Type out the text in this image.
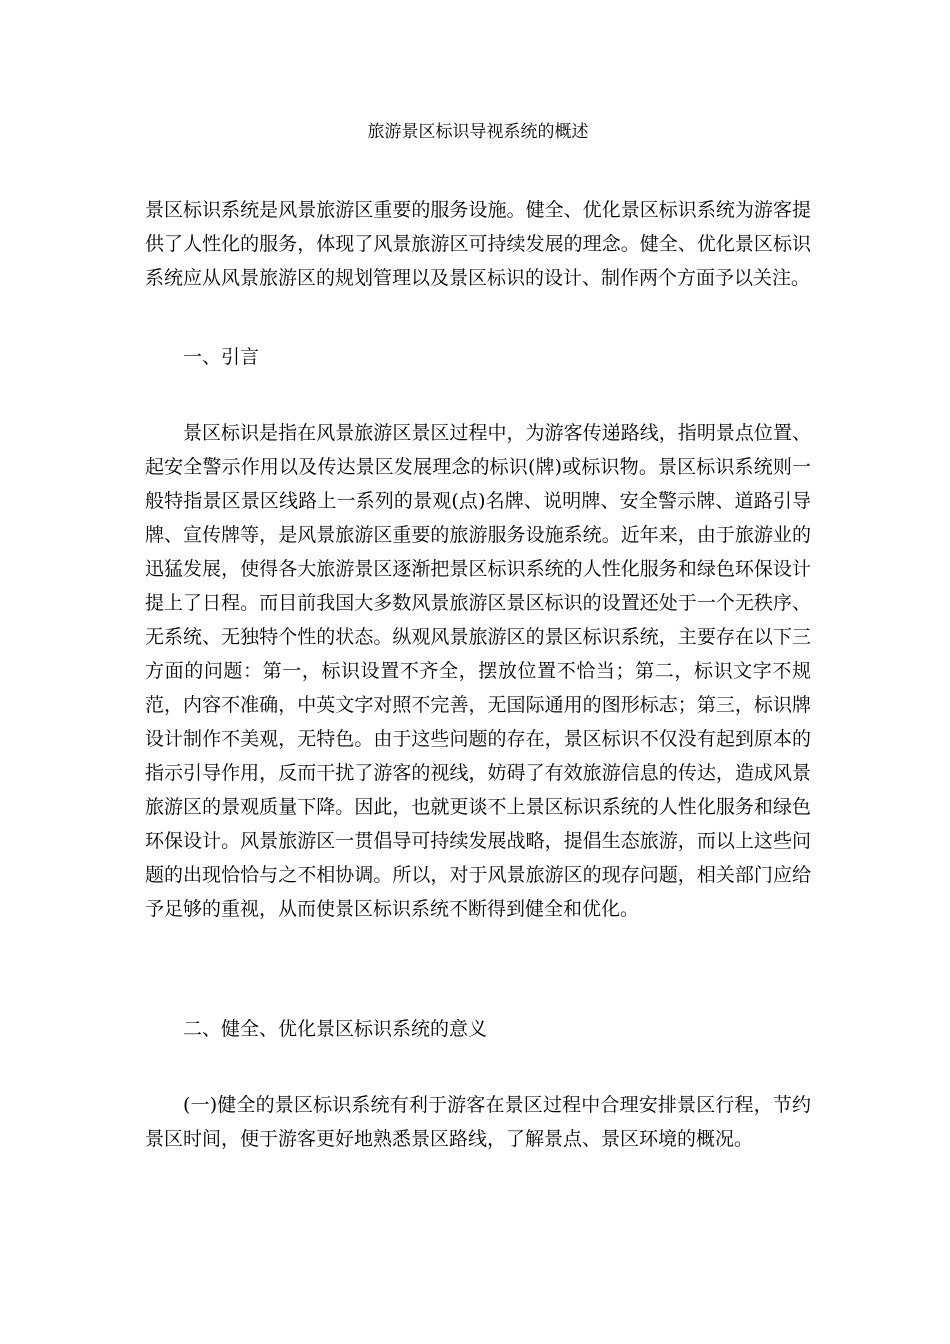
旅游景区标识导视系统的概述

景区标识系统是风景旅游区重要的服务设施。健全、优化景区标识系统为游客提供了人性化的服务，体现了风景旅游区可持续发展的理念。健全、优化景区标识系统应从风景旅游区的规划管理以及景区标识的设计、制作两个方面予以关注。

一、引言

景区标识是指在风景旅游区景区过程中，为游客传递路线，指明景点位置、起安全警示作用以及传达景区发展理念的标识(牌)或标识物。景区标识系统则一般特指景区景区线路上一系列的景观(点)名牌、说明牌、安全警示牌、道路引导牌、宣传牌等，是风景旅游区重要的旅游服务设施系统。近年来，由于旅游业的迅猛发展，使得各大旅游景区逐渐把景区标识系统的人性化服务和绿色环保设计提上了日程。而目前我国大多数风景旅游区景区标识的设置还处于一个无秩序、无系统、无独特个性的状态。纵观风景旅游区的景区标识系统，主要存在以下三方面的问题：第一，标识设置不齐全，摆放位置不恰当；第二，标识文字不规范，内容不准确，中英文字对照不完善，无国际通用的图形标志；第三，标识牌设计制作不美观，无特色。由于这些问题的存在，景区标识不仅没有起到原本的指示引导作用，反而干扰了游客的视线，妨碍了有效旅游信息的传达，造成风景旅游区的景观质量下降。因此，也就更谈不上景区标识系统的人性化服务和绿色环保设计。风景旅游区一贯倡导可持续发展战略，提倡生态旅游，而以上这些问题的出现恰恰与之不相协调。所以，对于风景旅游区的现存问题，相关部门应给予足够的重视，从而使景区标识系统不断得到健全和优化。

二、健全、优化景区标识系统的意义

(一)健全的景区标识系统有利于游客在景区过程中合理安排景区行程，节约景区时间，便于游客更好地熟悉景区路线，了解景点、景区环境的概况。
